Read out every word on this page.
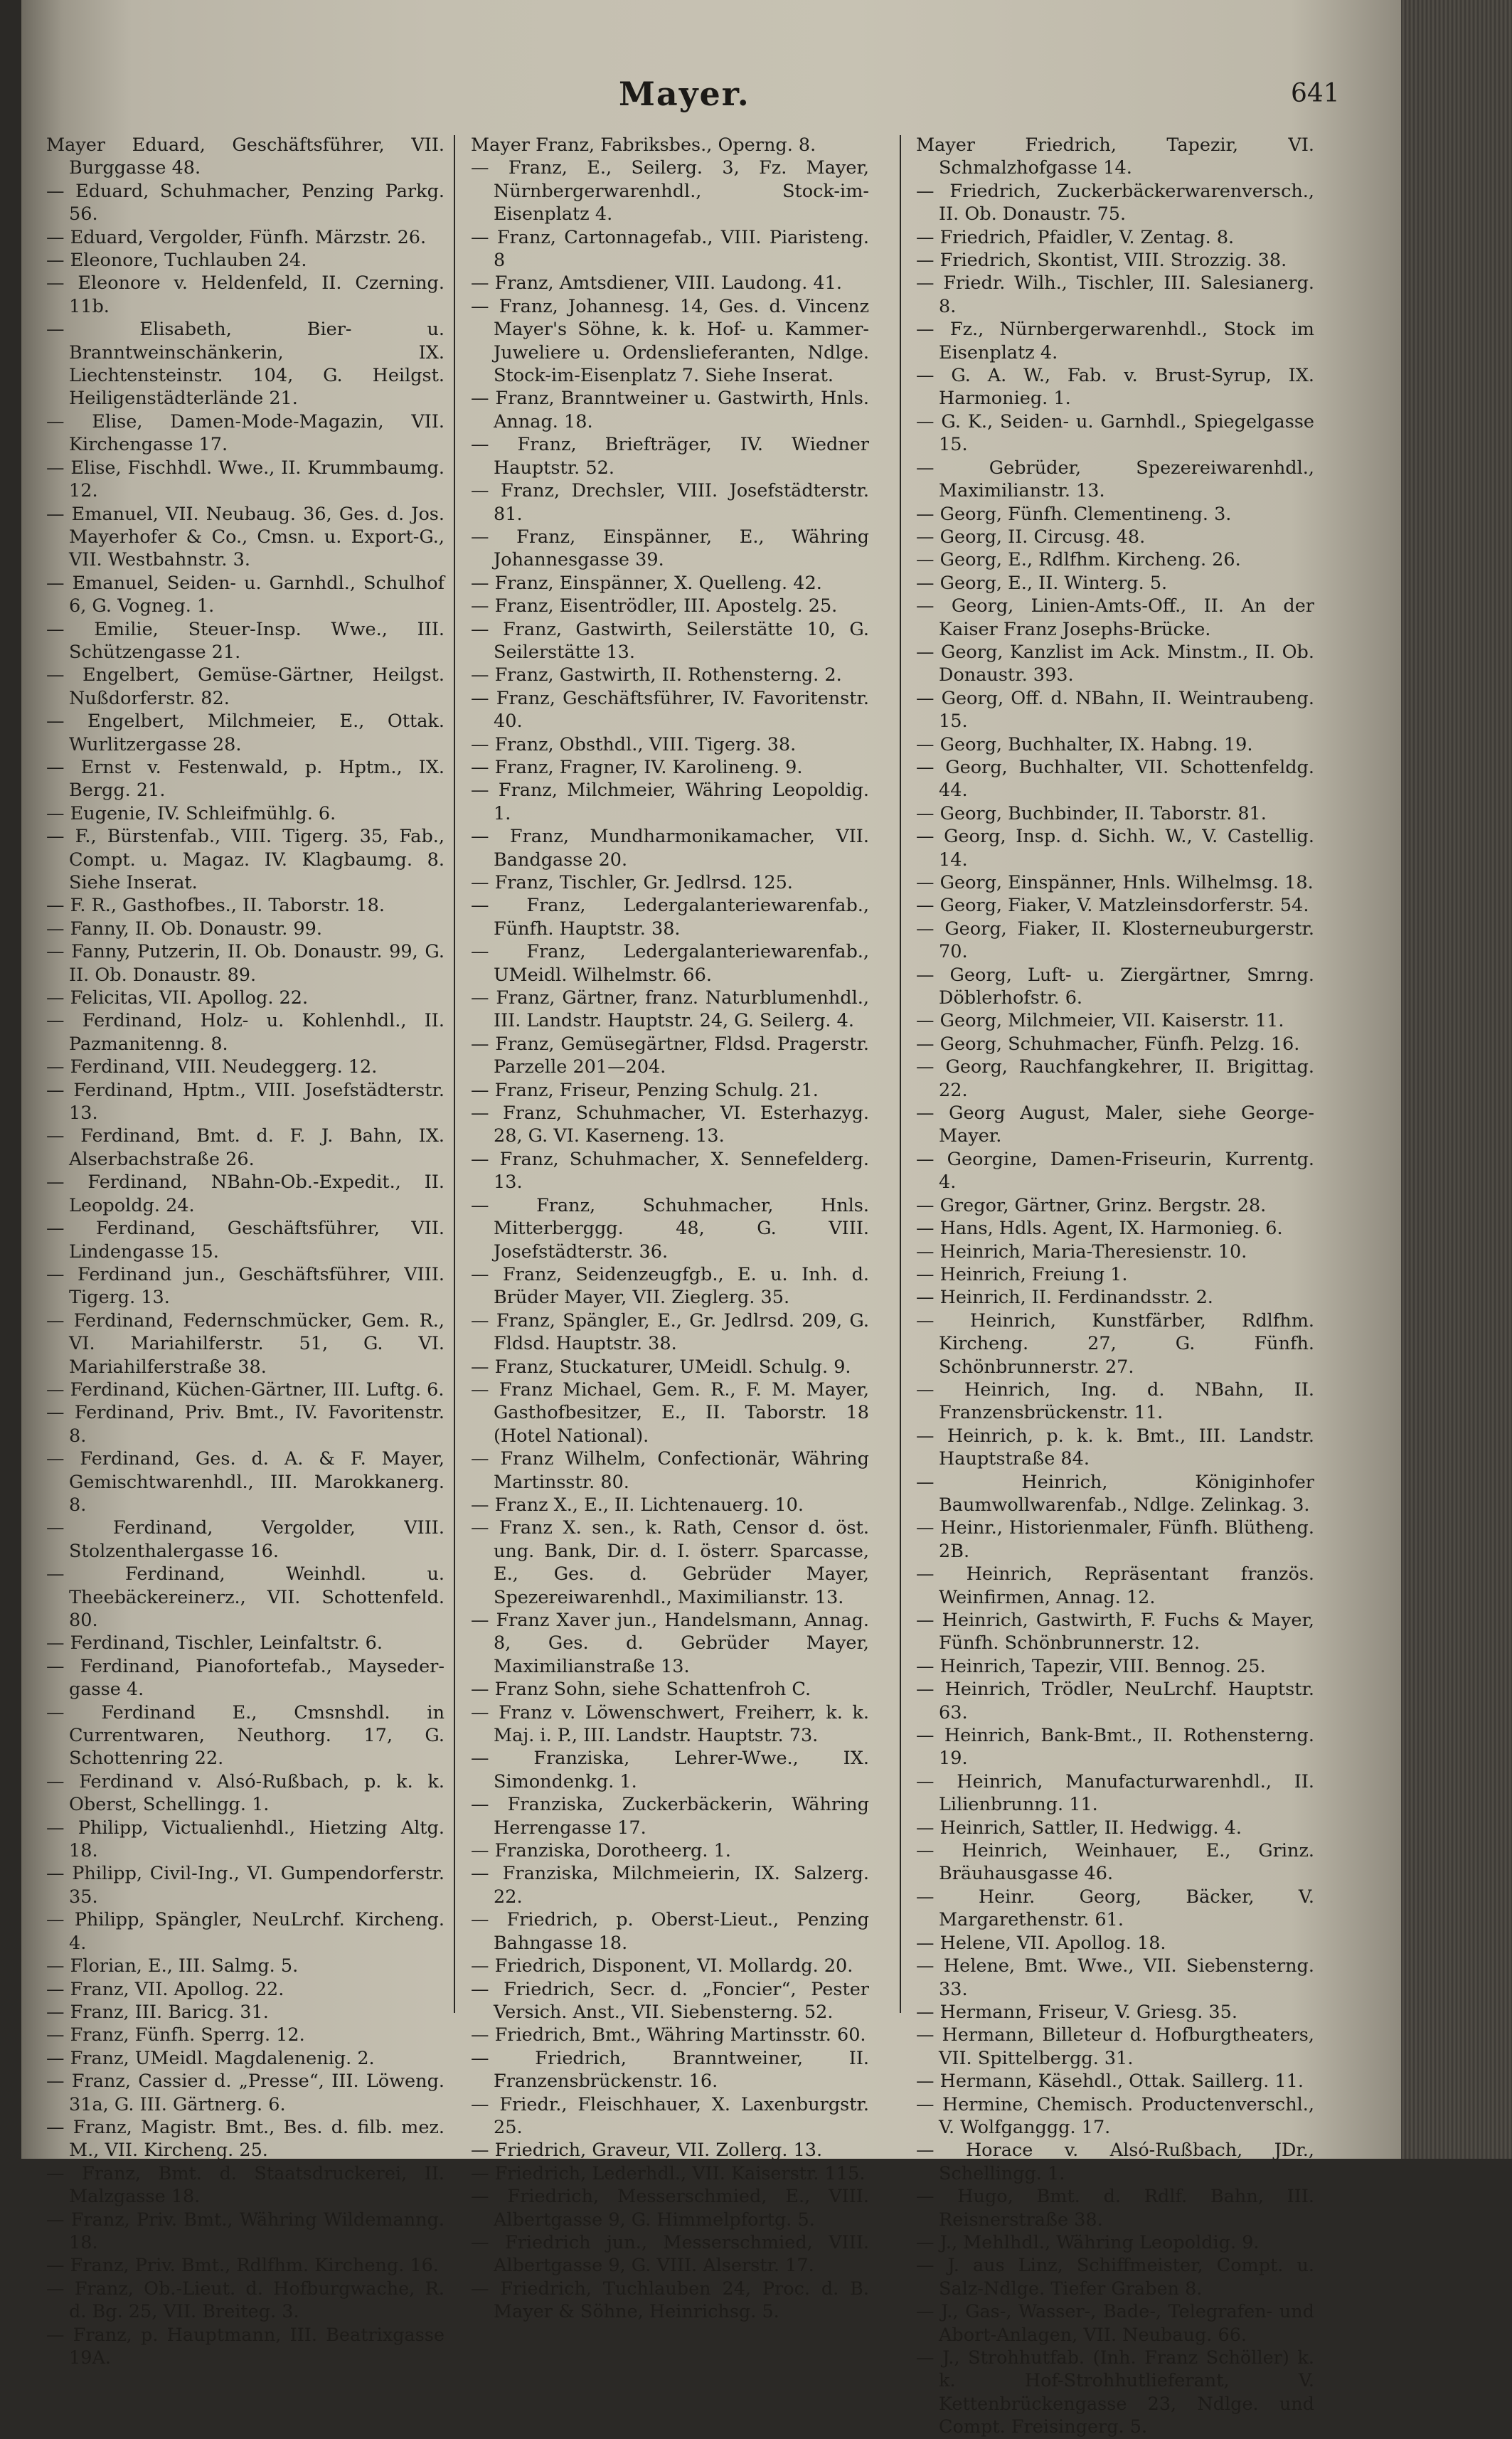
Mayer.	641
Mayer Eduard, Geschäftsführer, VII. Burggasse 48.
— Eduard, Schuhmacher, Penzing Parkg. 56.
— Eduard, Vergolder, Fünfh. Märzstr. 26.
— Eleonore, Tuchlauben 24.
— Eleonore v. Heldenfeld, II. Czerning. 11b.
— Elisabeth, Bier- u. Branntweinschänkerin, IX. Liechtensteinstr. 104, G. Heilgst. Heiligenstädterlände 21.
— Elise, Damen-Mode-Magazin, VII. Kirchengasse 17.
— Elise, Fischhdl. Wwe., II. Krummbaumg. 12.
— Emanuel, VII. Neubaug. 36, Ges. d. Jos. Mayerhofer & Co., Cmsn. u. Export-G., VII. Westbahnstr. 3.
— Emanuel, Seiden- u. Garnhdl., Schulhof 6, G. Vogneg. 1.
— Emilie, Steuer-Insp. Wwe., III. Schützengasse 21.
— Engelbert, Gemüse-Gärtner, Heilgst. Nußdorferstr. 82.
— Engelbert, Milchmeier, E., Ottak. Wurlitzergasse 28.
— Ernst v. Festenwald, p. Hptm., IX. Bergg. 21.
— Eugenie, IV. Schleifmühlg. 6.
— F., Bürstenfab., VIII. Tigerg. 35, Fab., Compt. u. Magaz. IV. Klagbaumg. 8. Siehe Inserat.
— F. R., Gasthofbes., II. Taborstr. 18.
— Fanny, II. Ob. Donaustr. 99.
— Fanny, Putzerin, II. Ob. Donaustr. 99, G. II. Ob. Donaustr. 89.
— Felicitas, VII. Apollog. 22.
— Ferdinand, Holz- u. Kohlenhdl., II. Pazmanitenng. 8.
— Ferdinand, VIII. Neudeggerg. 12.
— Ferdinand, Hptm., VIII. Josefstädterstr. 13.
— Ferdinand, Bmt. d. F. J. Bahn, IX. Alserbachstraße 26.
— Ferdinand, NBahn-Ob.-Expedit., II. Leopoldg. 24.
— Ferdinand, Geschäftsführer, VII. Lindengasse 15.
— Ferdinand jun., Geschäftsführer, VIII. Tigerg. 13.
— Ferdinand, Federnschmücker, Gem. R., VI. Mariahilferstr. 51, G. VI. Mariahilferstraße 38.
— Ferdinand, Küchen-Gärtner, III. Luftg. 6.
— Ferdinand, Priv. Bmt., IV. Favoritenstr. 8.
— Ferdinand, Ges. d. A. & F. Mayer, Gemischtwarenhdl., III. Marokkanerg. 8.
— Ferdinand, Vergolder, VIII. Stolzenthalergasse 16.
— Ferdinand, Weinhdl. u. Theebäckereinerz., VII. Schottenfeld. 80.
— Ferdinand, Tischler, Leinfaltstr. 6.
— Ferdinand, Pianofortefab., Mayseder-gasse 4.
— Ferdinand E., Cmsnshdl. in Currentwaren, Neuthorg. 17, G. Schottenring 22.
— Ferdinand v. Alsó-Rußbach, p. k. k. Oberst, Schellingg. 1.
— Philipp, Victualienhdl., Hietzing Altg. 18.
— Philipp, Civil-Ing., VI. Gumpendorferstr. 35.
— Philipp, Spängler, NeuLrchf. Kircheng. 4.
— Florian, E., III. Salmg. 5.
— Franz, VII. Apollog. 22.
— Franz, III. Baricg. 31.
— Franz, Fünfh. Sperrg. 12.
— Franz, UMeidl. Magdalenenig. 2.
— Franz, Cassier d. „Presse“, III. Löweng. 31a, G. III. Gärtnerg. 6.
— Franz, Magistr. Bmt., Bes. d. filb. mez. M., VII. Kircheng. 25.
— Franz, Bmt. d. Staatsdruckerei, II. Malzgasse 18.
— Franz, Priv. Bmt., Währing Wildemanng. 18.
— Franz, Priv. Bmt., Rdlfhm. Kircheng. 16.
— Franz, Ob.-Lieut. d. Hofburgwache, R. d. Bg. 25, VII. Breiteg. 3.
— Franz, p. Hauptmann, III. Beatrixgasse 19A.
Mayer Franz, Fabriksbes., Operng. 8.
— Franz, E., Seilerg. 3, Fz. Mayer, Nürnbergerwarenhdl., Stock-im-Eisenplatz 4.
— Franz, Cartonnagefab., VIII. Piaristeng. 8
— Franz, Amtsdiener, VIII. Laudong. 41.
— Franz, Johannesg. 14, Ges. d. Vincenz Mayer's Söhne, k. k. Hof- u. Kammer-Juweliere u. Ordenslieferanten, Ndlge. Stock-im-Eisenplatz 7. Siehe Inserat.
— Franz, Branntweiner u. Gastwirth, Hnls. Annag. 18.
— Franz, Briefträger, IV. Wiedner Hauptstr. 52.
— Franz, Drechsler, VIII. Josefstädterstr. 81.
— Franz, Einspänner, E., Währing Johannesgasse 39.
— Franz, Einspänner, X. Quelleng. 42.
— Franz, Eisentrödler, III. Apostelg. 25.
— Franz, Gastwirth, Seilerstätte 10, G. Seilerstätte 13.
— Franz, Gastwirth, II. Rothensterng. 2.
— Franz, Geschäftsführer, IV. Favoritenstr. 40.
— Franz, Obsthdl., VIII. Tigerg. 38.
— Franz, Fragner, IV. Karolineng. 9.
— Franz, Milchmeier, Währing Leopoldig. 1.
— Franz, Mundharmonikamacher, VII. Bandgasse 20.
— Franz, Tischler, Gr. Jedlrsd. 125.
— Franz, Ledergalanteriewarenfab., Fünfh. Hauptstr. 38.
— Franz, Ledergalanteriewarenfab., UMeidl. Wilhelmstr. 66.
— Franz, Gärtner, franz. Naturblumenhdl., III. Landstr. Hauptstr. 24, G. Seilerg. 4.
— Franz, Gemüsegärtner, Fldsd. Pragerstr. Parzelle 201—204.
— Franz, Friseur, Penzing Schulg. 21.
— Franz, Schuhmacher, VI. Esterhazyg. 28, G. VI. Kaserneng. 13.
— Franz, Schuhmacher, X. Sennefelderg. 13.
— Franz, Schuhmacher, Hnls. Mitterberggg. 48, G. VIII. Josefstädterstr. 36.
— Franz, Seidenzeugfgb., E. u. Inh. d. Brüder Mayer, VII. Zieglerg. 35.
— Franz, Spängler, E., Gr. Jedlrsd. 209, G. Fldsd. Hauptstr. 38.
— Franz, Stuckaturer, UMeidl. Schulg. 9.
— Franz Michael, Gem. R., F. M. Mayer, Gasthofbesitzer, E., II. Taborstr. 18 (Hotel National).
— Franz Wilhelm, Confectionär, Währing Martinsstr. 80.
— Franz X., E., II. Lichtenauerg. 10.
— Franz X. sen., k. Rath, Censor d. öst. ung. Bank, Dir. d. I. österr. Sparcasse, E., Ges. d. Gebrüder Mayer, Spezereiwarenhdl., Maximilianstr. 13.
— Franz Xaver jun., Handelsmann, Annag. 8, Ges. d. Gebrüder Mayer, Maximilianstraße 13.
— Franz Sohn, siehe Schattenfroh C.
— Franz v. Löwenschwert, Freiherr, k. k. Maj. i. P., III. Landstr. Hauptstr. 73.
— Franziska, Lehrer-Wwe., IX. Simondenkg. 1.
— Franziska, Zuckerbäckerin, Währing Herrengasse 17.
— Franziska, Dorotheerg. 1.
— Franziska, Milchmeierin, IX. Salzerg. 22.
— Friedrich, p. Oberst-Lieut., Penzing Bahngasse 18.
— Friedrich, Disponent, VI. Mollardg. 20.
— Friedrich, Secr. d. „Foncier“, Pester Versich. Anst., VII. Siebensterng. 52.
— Friedrich, Bmt., Währing Martinsstr. 60.
— Friedrich, Branntweiner, II. Franzensbrückenstr. 16.
— Friedr., Fleischhauer, X. Laxenburgstr. 25.
— Friedrich, Graveur, VII. Zollerg. 13.
— Friedrich, Lederhdl., VII. Kaiserstr. 115.
— Friedrich, Messerschmied, E., VIII. Albertgasse 9, G. Himmelpfortg. 5.
— Friedrich jun., Messerschmied, VIII. Albertgasse 9, G. VIII. Alserstr. 17.
— Friedrich, Tuchlauben 24, Proc. d. B. Mayer & Söhne, Heinrichsg. 5.
Mayer Friedrich, Tapezir, VI. Schmalzhofgasse 14.
— Friedrich, Zuckerbäckerwarenversch., II. Ob. Donaustr. 75.
— Friedrich, Pfaidler, V. Zentag. 8.
— Friedrich, Skontist, VIII. Strozzig. 38.
— Friedr. Wilh., Tischler, III. Salesianerg. 8.
— Fz., Nürnbergerwarenhdl., Stock im Eisenplatz 4.
— G. A. W., Fab. v. Brust-Syrup, IX. Harmonieg. 1.
— G. K., Seiden- u. Garnhdl., Spiegelgasse 15.
— Gebrüder, Spezereiwarenhdl., Maximilianstr. 13.
— Georg, Fünfh. Clementineng. 3.
— Georg, II. Circusg. 48.
— Georg, E., Rdlfhm. Kircheng. 26.
— Georg, E., II. Winterg. 5.
— Georg, Linien-Amts-Off., II. An der Kaiser Franz Josephs-Brücke.
— Georg, Kanzlist im Ack. Minstm., II. Ob. Donaustr. 393.
— Georg, Off. d. NBahn, II. Weintraubeng. 15.
— Georg, Buchhalter, IX. Habng. 19.
— Georg, Buchhalter, VII. Schottenfeldg. 44.
— Georg, Buchbinder, II. Taborstr. 81.
— Georg, Insp. d. Sichh. W., V. Castellig. 14.
— Georg, Einspänner, Hnls. Wilhelmsg. 18.
— Georg, Fiaker, V. Matzleinsdorferstr. 54.
— Georg, Fiaker, II. Klosterneuburgerstr. 70.
— Georg, Luft- u. Ziergärtner, Smrng. Döblerhofstr. 6.
— Georg, Milchmeier, VII. Kaiserstr. 11.
— Georg, Schuhmacher, Fünfh. Pelzg. 16.
— Georg, Rauchfangkehrer, II. Brigittag. 22.
— Georg August, Maler, siehe George-Mayer.
— Georgine, Damen-Friseurin, Kurrentg. 4.
— Gregor, Gärtner, Grinz. Bergstr. 28.
— Hans, Hdls. Agent, IX. Harmonieg. 6.
— Heinrich, Maria-Theresienstr. 10.
— Heinrich, Freiung 1.
— Heinrich, II. Ferdinandsstr. 2.
— Heinrich, Kunstfärber, Rdlfhm. Kircheng. 27, G. Fünfh. Schönbrunnerstr. 27.
— Heinrich, Ing. d. NBahn, II. Franzensbrückenstr. 11.
— Heinrich, p. k. k. Bmt., III. Landstr. Hauptstraße 84.
— Heinrich, Königinhofer Baumwollwarenfab., Ndlge. Zelinkag. 3.
— Heinr., Historienmaler, Fünfh. Blütheng. 2B.
— Heinrich, Repräsentant französ. Weinfirmen, Annag. 12.
— Heinrich, Gastwirth, F. Fuchs & Mayer, Fünfh. Schönbrunnerstr. 12.
— Heinrich, Tapezir, VIII. Bennog. 25.
— Heinrich, Trödler, NeuLrchf. Hauptstr. 63.
— Heinrich, Bank-Bmt., II. Rothensterng. 19.
— Heinrich, Manufacturwarenhdl., II. Lilienbrunng. 11.
— Heinrich, Sattler, II. Hedwigg. 4.
— Heinrich, Weinhauer, E., Grinz. Bräuhausgasse 46.
— Heinr. Georg, Bäcker, V. Margarethenstr. 61.
— Helene, VII. Apollog. 18.
— Helene, Bmt. Wwe., VII. Siebensterng. 33.
— Hermann, Friseur, V. Griesg. 35.
— Hermann, Billeteur d. Hofburgtheaters, VII. Spittelbergg. 31.
— Hermann, Käsehdl., Ottak. Saillerg. 11.
— Hermine, Chemisch. Productenverschl., V. Wolfganggg. 17.
— Horace v. Alsó-Rußbach, JDr., Schellingg. 1.
— Hugo, Bmt. d. Rdlf. Bahn, III. Reisnerstraße 38.
— J., Mehlhdl., Währing Leopoldig. 9.
— J. aus Linz, Schiffmeister, Compt. u. Salz-Ndlge. Tiefer Graben 8.
— J., Gas-, Wasser-, Bade-, Telegrafen- und Abort-Anlagen, VII. Neubaug. 66.
— J., Strohhutfab. (Inh. Franz Schöller) k. k. Hof-Strohhutlieferant, V. Kettenbrückengasse 23, Ndlge. und Compt. Freisingerg. 5.
